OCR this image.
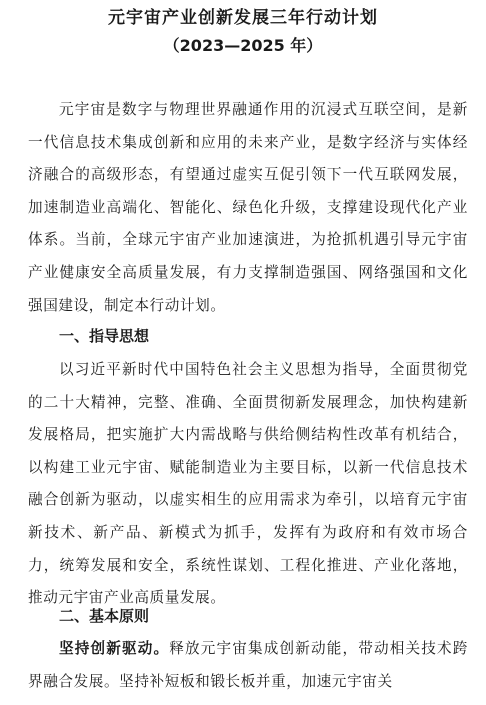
元宇宙产业创新发展三年行动计划
（2023—2025 年）
元宇宙是数字与物理世界融通作用的沉浸式互联空间，是新一代信息技术集成创新和应用的未来产业，是数字经济与实体经济融合的高级形态，有望通过虚实互促引领下一代互联网发展，加速制造业高端化、智能化、绿色化升级，支撑建设现代化产业体系。当前，全球元宇宙产业加速演进，为抢抓机遇引导元宇宙产业健康安全高质量发展，有力支撑制造强国、网络强国和文化强国建设，制定本行动计划。
一、指导思想
以习近平新时代中国特色社会主义思想为指导，全面贯彻党的二十大精神，完整、准确、全面贯彻新发展理念，加快构建新发展格局，把实施扩大内需战略与供给侧结构性改革有机结合，以构建工业元宇宙、赋能制造业为主要目标，以新一代信息技术融合创新为驱动，以虚实相生的应用需求为牵引，以培育元宇宙新技术、新产品、新模式为抓手，发挥有为政府和有效市场合力，统筹发展和安全，系统性谋划、工程化推进、产业化落地，推动元宇宙产业高质量发展。
二、基本原则
坚持创新驱动。释放元宇宙集成创新动能，带动相关技术跨界融合发展。坚持补短板和锻长板并重，加速元宇宙关
